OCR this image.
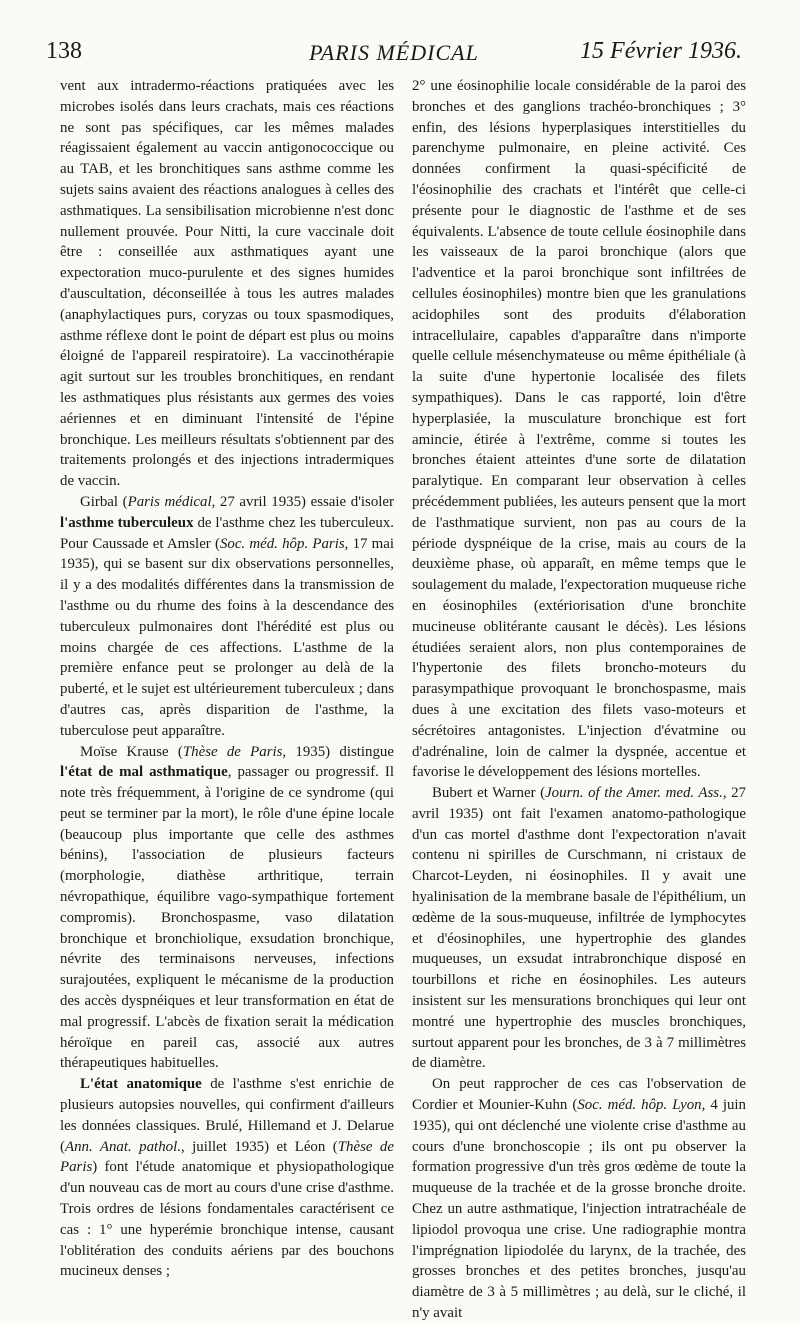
138	PARIS MÉDICAL	15 Février 1936.

vent aux intradermo-réactions pratiquées avec les microbes isolés dans leurs crachats, mais ces réactions ne sont pas spécifiques, car les mêmes malades réagissaient également au vaccin antigonococcique ou au TAB, et les bronchitiques sans asthme comme les sujets sains avaient des réactions analogues à celles des asthmatiques. La sensibilisation microbienne n'est donc nullement prouvée. Pour Nitti, la cure vaccinale doit être : conseillée aux asthmatiques ayant une expectoration muco-purulente et des signes humides d'auscultation, déconseillée à tous les autres malades (anaphylactiques purs, coryzas ou toux spasmodiques, asthme réflexe dont le point de départ est plus ou moins éloigné de l'appareil respiratoire). La vaccinothérapie agit surtout sur les troubles bronchitiques, en rendant les asthmatiques plus résistants aux germes des voies aériennes et en diminuant l'intensité de l'épine bronchique. Les meilleurs résultats s'obtiennent par des traitements prolongés et des injections intradermiques de vaccin.

Girbal (Paris médical, 27 avril 1935) essaie d'isoler l'asthme tuberculeux de l'asthme chez les tuberculeux. Pour Caussade et Amsler (Soc. méd. hôp. Paris, 17 mai 1935), qui se basent sur dix observations personnelles, il y a des modalités différentes dans la transmission de l'asthme ou du rhume des foins à la descendance des tuberculeux pulmonaires dont l'hérédité est plus ou moins chargée de ces affections. L'asthme de la première enfance peut se prolonger au delà de la puberté, et le sujet est ultérieurement tuberculeux ; dans d'autres cas, après disparition de l'asthme, la tuberculose peut apparaître.

Moïse Krause (Thèse de Paris, 1935) distingue l'état de mal asthmatique, passager ou progressif. Il note très fréquemment, à l'origine de ce syndrome (qui peut se terminer par la mort), le rôle d'une épine locale (beaucoup plus importante que celle des asthmes bénins), l'association de plusieurs facteurs (morphologie, diathèse arthritique, terrain névropathique, équilibre vago-sympathique fortement compromis). Bronchospasme, vaso dilatation bronchique et bronchiolique, exsudation bronchique, névrite des terminaisons nerveuses, infections surajoutées, expliquent le mécanisme de la production des accès dyspnéiques et leur transformation en état de mal progressif. L'abcès de fixation serait la médication héroïque en pareil cas, associé aux autres thérapeutiques habituelles.

L'état anatomique de l'asthme s'est enrichie de plusieurs autopsies nouvelles, qui confirment d'ailleurs les données classiques. Brulé, Hillemand et J. Delarue (Ann. Anat. pathol., juillet 1935) et Léon (Thèse de Paris) font l'étude anatomique et physiopathologique d'un nouveau cas de mort au cours d'une crise d'asthme. Trois ordres de lésions fondamentales caractérisent ce cas : 1° une hyperémie bronchique intense, causant l'oblitération des conduits aériens par des bouchons mucineux denses ;

2° une éosinophilie locale considérable de la paroi des bronches et des ganglions trachéo-bronchiques ; 3° enfin, des lésions hyperplasiques interstitielles du parenchyme pulmonaire, en pleine activité. Ces données confirment la quasi-spécificité de l'éosinophilie des crachats et l'intérêt que celle-ci présente pour le diagnostic de l'asthme et de ses équivalents. L'absence de toute cellule éosinophile dans les vaisseaux de la paroi bronchique (alors que l'adventice et la paroi bronchique sont infiltrées de cellules éosinophiles) montre bien que les granulations acidophiles sont des produits d'élaboration intracellulaire, capables d'apparaître dans n'importe quelle cellule mésenchymateuse ou même épithéliale (à la suite d'une hypertonie localisée des filets sympathiques). Dans le cas rapporté, loin d'être hyperplasiée, la musculature bronchique est fort amincie, étirée à l'extrême, comme si toutes les bronches étaient atteintes d'une sorte de dilatation paralytique. En comparant leur observation à celles précédemment publiées, les auteurs pensent que la mort de l'asthmatique survient, non pas au cours de la période dyspnéique de la crise, mais au cours de la deuxième phase, où apparaît, en même temps que le soulagement du malade, l'expectoration muqueuse riche en éosinophiles (extériorisation d'une bronchite mucineuse oblitérante causant le décès). Les lésions étudiées seraient alors, non plus contemporaines de l'hypertonie des filets broncho-moteurs du parasympathique provoquant le bronchospasme, mais dues à une excitation des filets vaso-moteurs et sécrétoires antagonistes. L'injection d'évatmine ou d'adrénaline, loin de calmer la dyspnée, accentue et favorise le développement des lésions mortelles.

Bubert et Warner (Journ. of the Amer. med. Ass., 27 avril 1935) ont fait l'examen anatomo-pathologique d'un cas mortel d'asthme dont l'expectoration n'avait contenu ni spirilles de Curschmann, ni cristaux de Charcot-Leyden, ni éosinophiles. Il y avait une hyalinisation de la membrane basale de l'épithélium, un œdème de la sous-muqueuse, infiltrée de lymphocytes et d'éosinophiles, une hypertrophie des glandes muqueuses, un exsudat intrabronchique disposé en tourbillons et riche en éosinophiles. Les auteurs insistent sur les mensurations bronchiques qui leur ont montré une hypertrophie des muscles bronchiques, surtout apparent pour les bronches, de 3 à 7 millimètres de diamètre.

On peut rapprocher de ces cas l'observation de Cordier et Mounier-Kuhn (Soc. méd. hôp. Lyon, 4 juin 1935), qui ont déclenché une violente crise d'asthme au cours d'une bronchoscopie ; ils ont pu observer la formation progressive d'un très gros œdème de toute la muqueuse de la trachée et de la grosse bronche droite. Chez un autre asthmatique, l'injection intratrachéale de lipiodol provoqua une crise. Une radiographie montra l'imprégnation lipiodolée du larynx, de la trachée, des grosses bronches et des petites bronches, jusqu'au diamètre de 3 à 5 millimètres ; au delà, sur le cliché, il n'y avait
